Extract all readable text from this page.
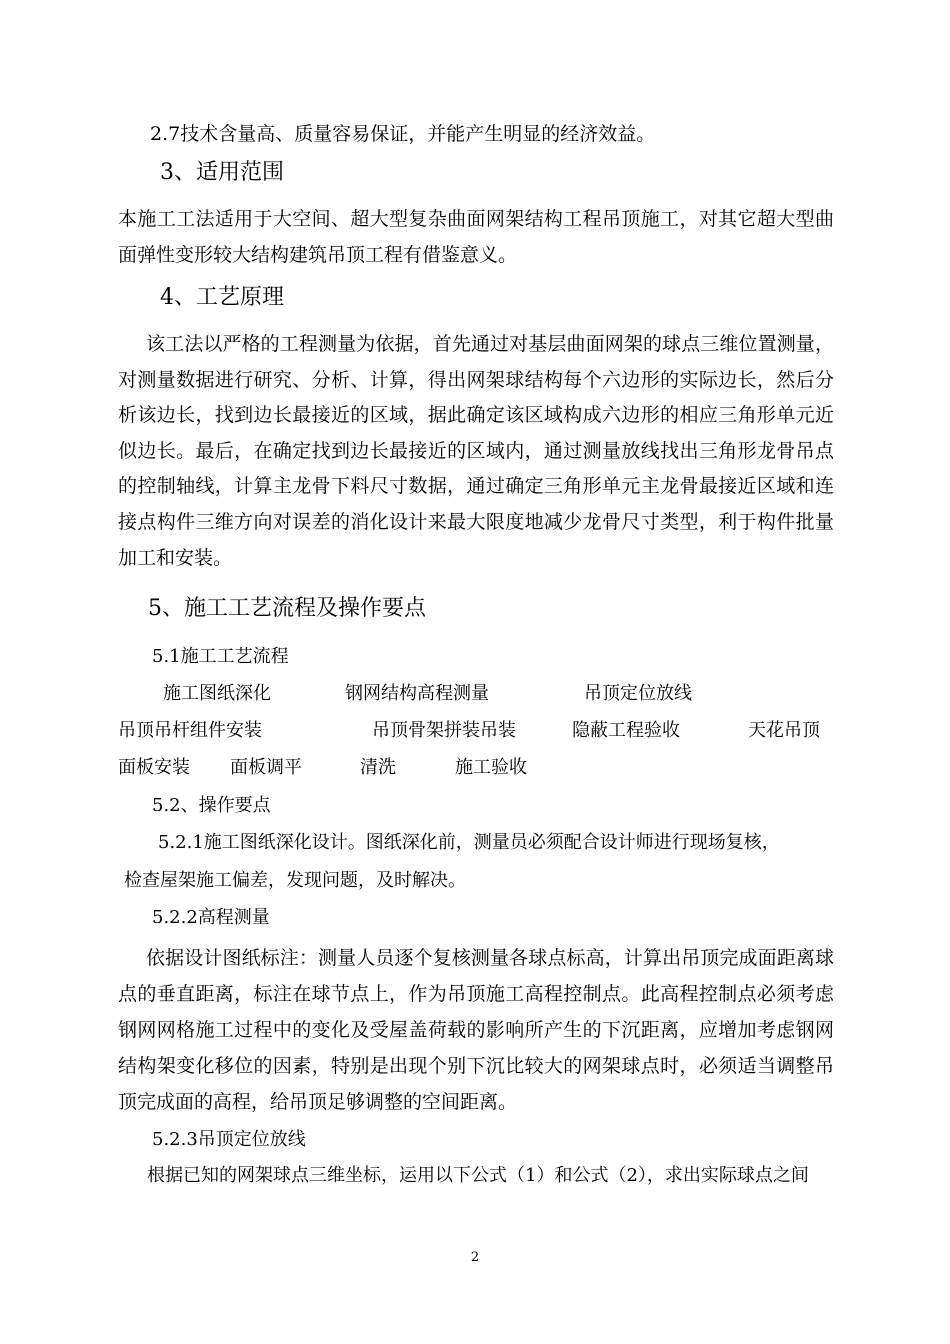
2.7技术含量高、质量容易保证，并能产生明显的经济效益。
3、适用范围
本施工工法适用于大空间、超大型复杂曲面网架结构工程吊顶施工，对其它超大型曲面弹性变形较大结构建筑吊顶工程有借鉴意义。
4、工艺原理
该工法以严格的工程测量为依据，首先通过对基层曲面网架的球点三维位置测量，对测量数据进行研究、分析、计算，得出网架球结构每个六边形的实际边长，然后分析该边长，找到边长最接近的区域，据此确定该区域构成六边形的相应三角形单元近似边长。最后，在确定找到边长最接近的区域内，通过测量放线找出三角形龙骨吊点的控制轴线，计算主龙骨下料尺寸数据，通过确定三角形单元主龙骨最接近区域和连接点构件三维方向对误差的消化设计来最大限度地减少龙骨尺寸类型，利于构件批量加工和安装。
5、施工工艺流程及操作要点
5.1施工工艺流程
施工图纸深化	钢网结构高程测量	吊顶定位放线
吊顶吊杆组件安装	吊顶骨架拼装吊装	隐蔽工程验收	天花吊顶
面板安装 面板调平	清洗	施工验收
5.2、操作要点
5.2.1施工图纸深化设计。图纸深化前，测量员必须配合设计师进行现场复核，
检查屋架施工偏差，发现问题，及时解决。
5.2.2高程测量
依据设计图纸标注：测量人员逐个复核测量各球点标高，计算出吊顶完成面距离球点的垂直距离，标注在球节点上，作为吊顶施工高程控制点。此高程控制点必须考虑钢网网格施工过程中的变化及受屋盖荷载的影响所产生的下沉距离，应增加考虑钢网结构架变化移位的因素，特别是出现个别下沉比较大的网架球点时，必须适当调整吊顶完成面的高程，给吊顶足够调整的空间距离。
5.2.3吊顶定位放线
根据已知的网架球点三维坐标，运用以下公式（1）和公式（2），求出实际球点之间
2
